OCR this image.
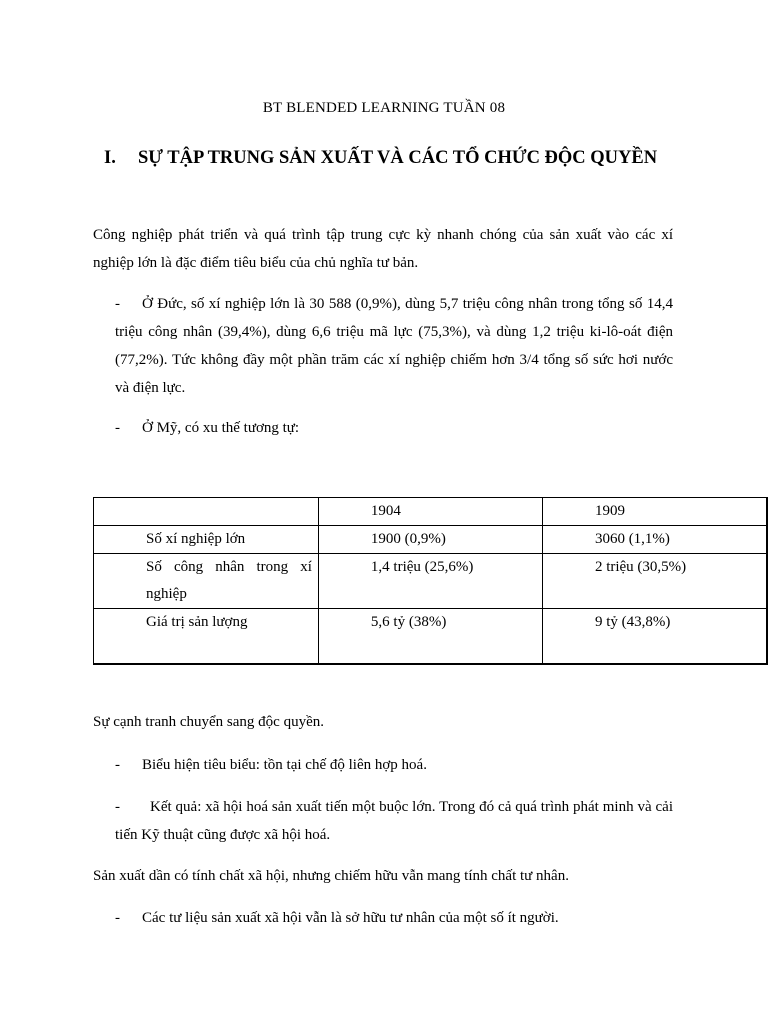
BT BLENDED LEARNING TUẦN 08
I. SỰ TẬP TRUNG SẢN XUẤT VÀ CÁC TỔ CHỨC ĐỘC QUYỀN
Công nghiệp phát triển và quá trình tập trung cực kỳ nhanh chóng của sản xuất vào các xí nghiệp lớn là đặc điểm tiêu biểu của chủ nghĩa tư bản.
-	Ở Đức, số xí nghiệp lớn là 30 588 (0,9%), dùng 5,7 triệu công nhân trong tổng số 14,4 triệu công nhân (39,4%), dùng 6,6 triệu mã lực (75,3%), và dùng 1,2 triệu ki-lô-oát điện (77,2%). Tức không đầy một phần trăm các xí nghiệp chiếm hơn 3/4 tổng số sức hơi nước và điện lực.
-	Ở Mỹ, có xu thế tương tự:
	1904	1909
Số xí nghiệp lớn	1900 (0,9%)	3060 (1,1%)
Số công nhân trong xí nghiệp	1,4 triệu (25,6%)	2 triệu (30,5%)
Giá trị sản lượng	5,6 tỷ (38%)	9 tỷ (43,8%)
Sự cạnh tranh chuyển sang độc quyền.
-	Biểu hiện tiêu biểu: tồn tại chế độ liên hợp hoá.
-	Kết quả: xã hội hoá sản xuất tiến một buộc lớn. Trong đó cả quá trình phát minh và cải tiến Kỹ thuật cũng được xã hội hoá.
Sản xuất dần có tính chất xã hội, nhưng chiếm hữu vẫn mang tính chất tư nhân.
-	Các tư liệu sản xuất xã hội vẫn là sở hữu tư nhân của một số ít người.
